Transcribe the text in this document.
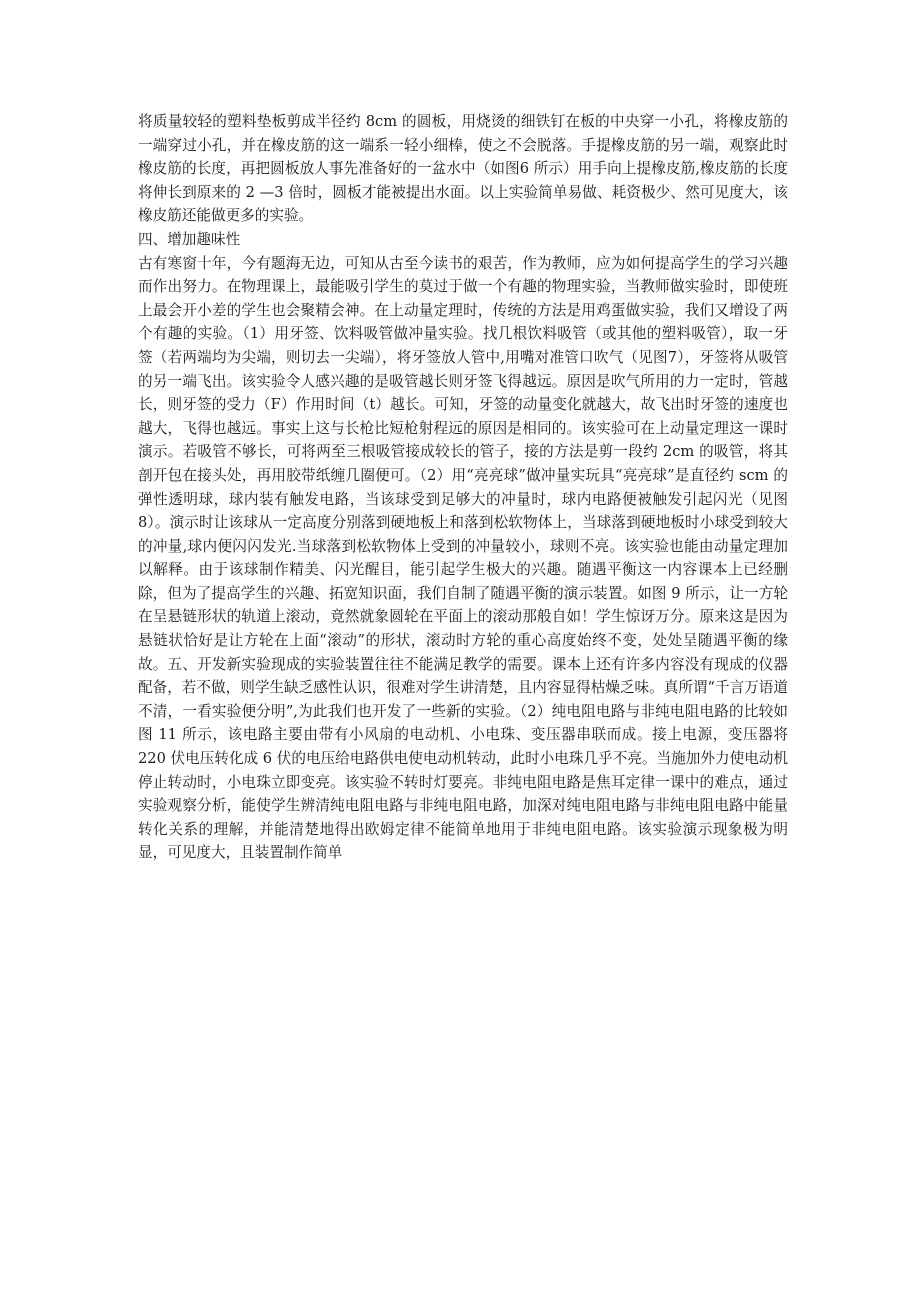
将质量较轻的塑料垫板剪成半径约 8cm 的圆板，用烧烫的细铁钉在板的中央穿一小孔，将橡皮筋的一端穿过小孔，并在橡皮筋的这一端系一轻小细棒，使之不会脱落。手提橡皮筋的另一端，观察此时橡皮筋的长度，再把圆板放人事先准备好的一盆水中（如图6 所示）用手向上提橡皮筋,橡皮筋的长度将伸长到原来的 2 —3 倍时，圆板才能被提出水面。以上实验简单易做、耗资极少、然可见度大，该橡皮筋还能做更多的实验。

四、增加趣味性

古有寒窗十年，今有题海无边，可知从古至今读书的艰苦，作为教师，应为如何提高学生的学习兴趣而作出努力。在物理课上，最能吸引学生的莫过于做一个有趣的物理实验，当教师做实验时，即使班上最会开小差的学生也会聚精会神。在上动量定理时，传统的方法是用鸡蛋做实验，我们又增设了两个有趣的实验。（1）用牙签、饮料吸管做冲量实验。找几根饮料吸管（或其他的塑料吸管），取一牙签（若两端均为尖端，则切去一尖端），将牙签放人管中,用嘴对准管口吹气（见图7），牙签将从吸管的另一端飞出。该实验令人感兴趣的是吸管越长则牙签飞得越远。原因是吹气所用的力一定时，管越长，则牙签的受力（F）作用时间（t）越长。可知，牙签的动量变化就越大，故飞出时牙签的速度也越大，飞得也越远。事实上这与长枪比短枪射程远的原因是相同的。该实验可在上动量定理这一课时演示。若吸管不够长，可将两至三根吸管接成较长的管子，接的方法是剪一段约 2cm 的吸管，将其剖开包在接头处，再用胶带纸缠几圈便可。（2）用“亮亮球”做冲量实玩具“亮亮球”是直径约 scm 的弹性透明球，球内装有触发电路，当该球受到足够大的冲量时，球内电路便被触发引起闪光（见图 8）。演示时让该球从一定高度分别落到硬地板上和落到松软物体上，当球落到硬地板时小球受到较大的冲量,球内便闪闪发光.当球落到松软物体上受到的冲量较小，球则不亮。该实验也能由动量定理加以解释。由于该球制作精美、闪光醒目，能引起学生极大的兴趣。随遇平衡这一内容课本上已经删除，但为了提高学生的兴趣、拓宽知识面，我们自制了随遇平衡的演示装置。如图 9 所示，让一方轮在呈悬链形状的轨道上滚动，竟然就象圆轮在平面上的滚动那般自如！学生惊讶万分。原来这是因为悬链状恰好是让方轮在上面“滚动”的形状，滚动时方轮的重心高度始终不变，处处呈随遇平衡的缘故。五、开发新实验现成的实验装置往往不能满足教学的需要。课本上还有许多内容没有现成的仪器配备，若不做，则学生缺乏感性认识，很难对学生讲清楚，且内容显得枯燥乏味。真所谓“千言万语道不清，一看实验便分明”,为此我们也开发了一些新的实验。（2）纯电阻电路与非纯电阻电路的比较如图 11 所示，该电路主要由带有小风扇的电动机、小电珠、变压器串联而成。接上电源，变压器将 220 伏电压转化成 6 伏的电压给电路供电使电动机转动，此时小电珠几乎不亮。当施加外力使电动机停止转动时，小电珠立即变亮。该实验不转时灯要亮。非纯电阻电路是焦耳定律一课中的难点，通过实验观察分析，能使学生辨清纯电阻电路与非纯电阻电路，加深对纯电阻电路与非纯电阻电路中能量转化关系的理解，并能清楚地得出欧姆定律不能简单地用于非纯电阻电路。该实验演示现象极为明显，可见度大，且装置制作简单
